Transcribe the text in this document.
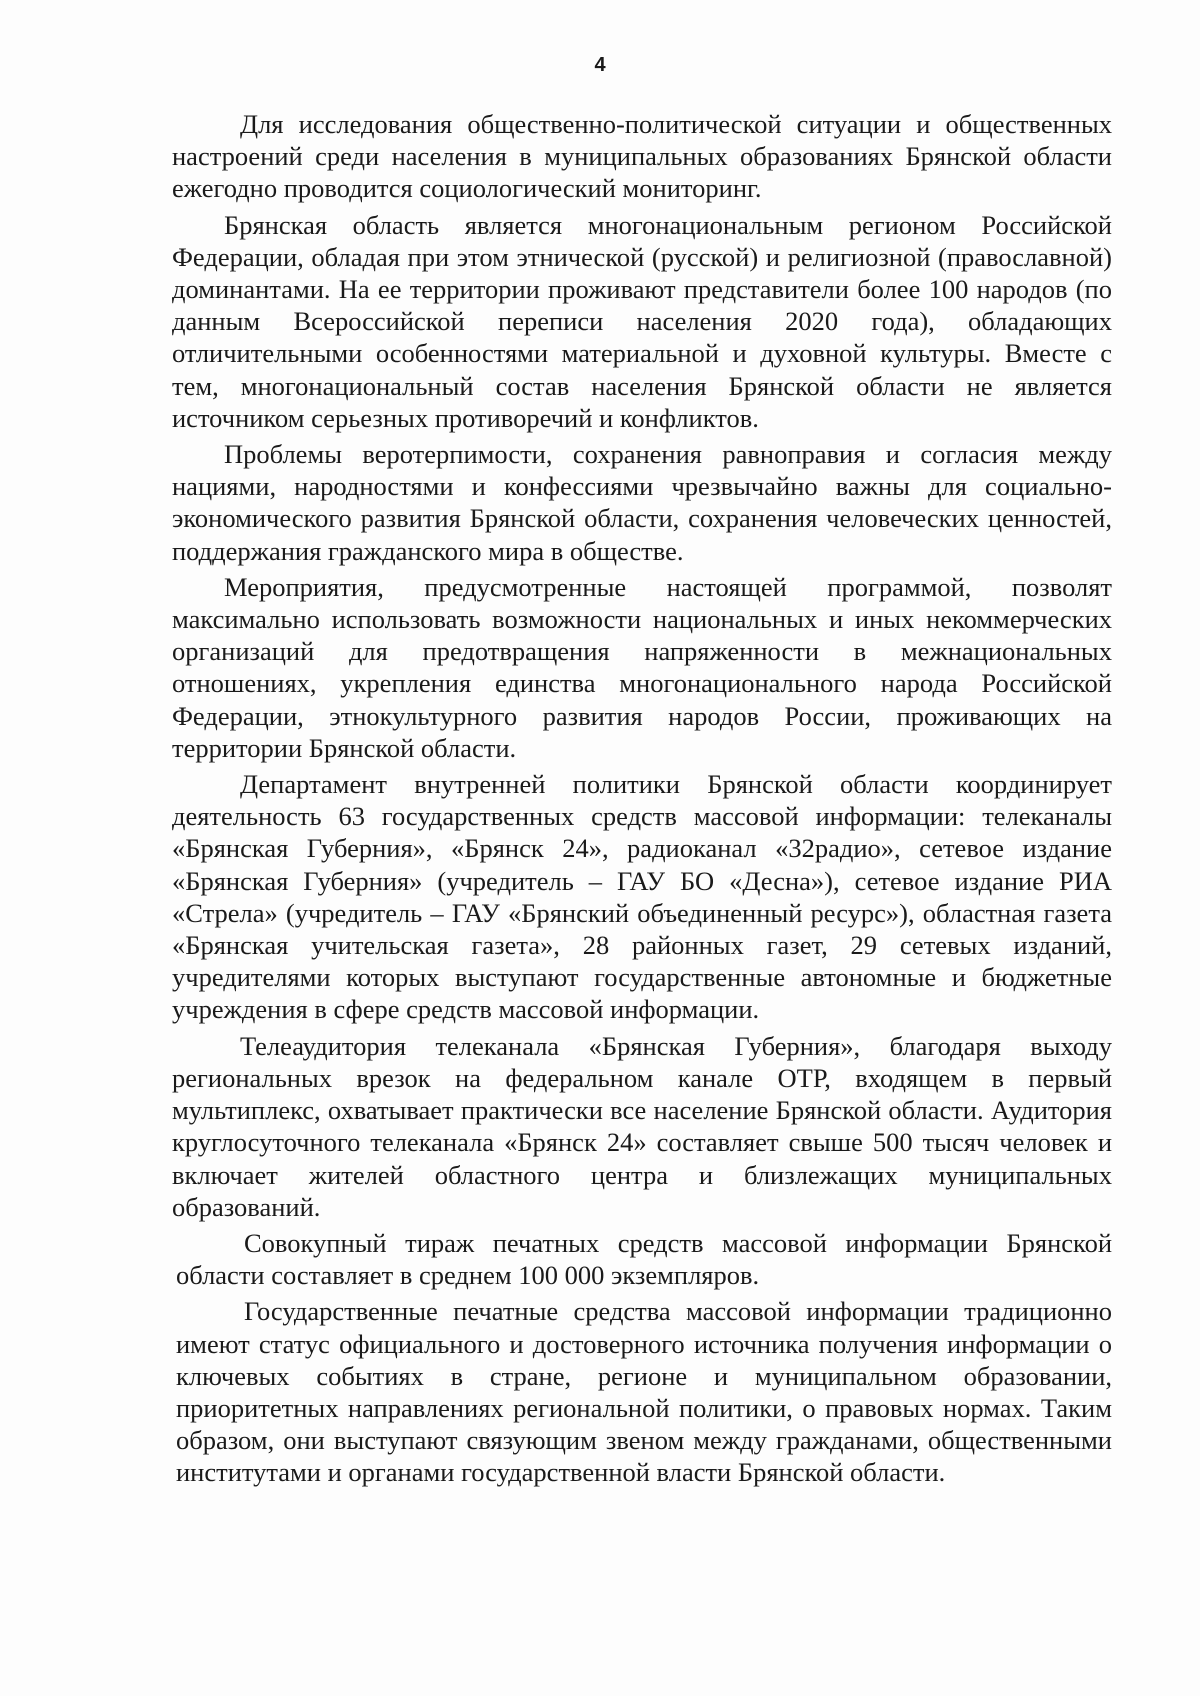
4

Для исследования общественно-политической ситуации и общественных настроений среди населения в муниципальных образованиях Брянской области ежегодно проводится социологический мониторинг.

Брянская область является многонациональным регионом Российской Федерации, обладая при этом этнической (русской) и религиозной (православной) доминантами. На ее территории проживают представители более 100 народов (по данным Всероссийской переписи населения 2020 года), обладающих отличительными особенностями материальной и духовной культуры. Вместе с тем, многонациональный состав населения Брянской области не является источником серьезных противоречий и конфликтов.

Проблемы веротерпимости, сохранения равноправия и согласия между нациями, народностями и конфессиями чрезвычайно важны для социально-экономического развития Брянской области, сохранения человеческих ценностей, поддержания гражданского мира в обществе.

Мероприятия, предусмотренные настоящей программой, позволят максимально использовать возможности национальных и иных некоммерческих организаций для предотвращения напряженности в межнациональных отношениях, укрепления единства многонационального народа Российской Федерации, этнокультурного развития народов России, проживающих на территории Брянской области.

Департамент внутренней политики Брянской области координирует деятельность 63 государственных средств массовой информации: телеканалы «Брянская Губерния», «Брянск 24», радиоканал «32радио», сетевое издание «Брянская Губерния» (учредитель – ГАУ БО «Десна»), сетевое издание РИА «Стрела» (учредитель – ГАУ «Брянский объединенный ресурс»), областная газета «Брянская учительская газета», 28 районных газет, 29 сетевых изданий, учредителями которых выступают государственные автономные и бюджетные учреждения в сфере средств массовой информации.

Телеаудитория телеканала «Брянская Губерния», благодаря выходу региональных врезок на федеральном канале ОТР, входящем в первый мультиплекс, охватывает практически все население Брянской области. Аудитория круглосуточного телеканала «Брянск 24» составляет свыше 500 тысяч человек и включает жителей областного центра и близлежащих муниципальных образований.

Совокупный тираж печатных средств массовой информации Брянской области составляет в среднем 100 000 экземпляров.

Государственные печатные средства массовой информации традиционно имеют статус официального и достоверного источника получения информации о ключевых событиях в стране, регионе и муниципальном образовании, приоритетных направлениях региональной политики, о правовых нормах. Таким образом, они выступают связующим звеном между гражданами, общественными институтами и органами государственной власти Брянской области.
